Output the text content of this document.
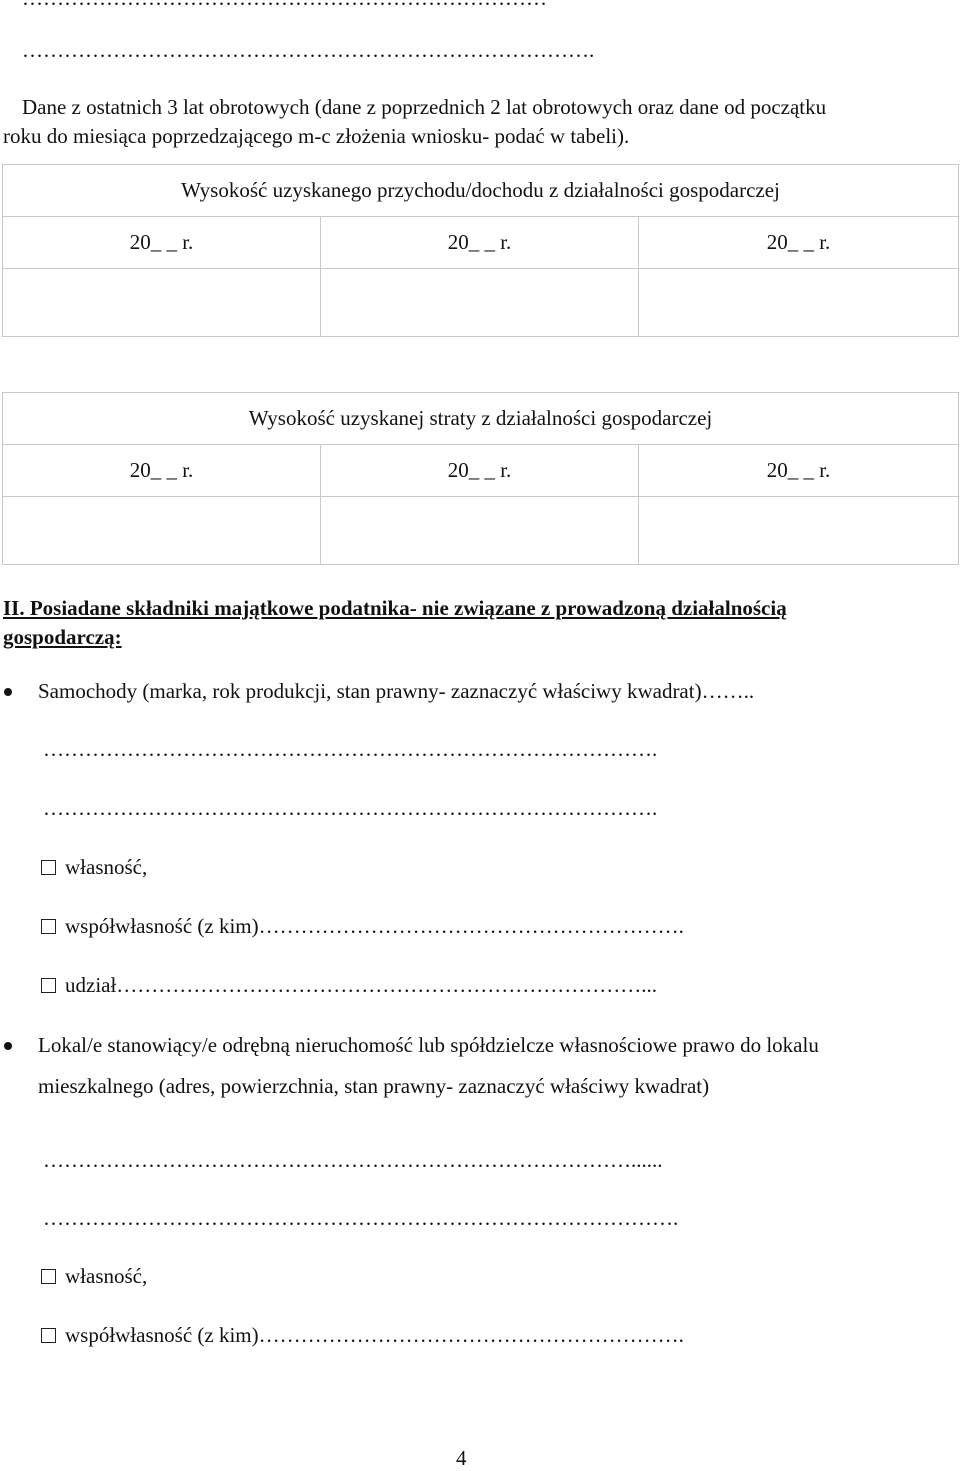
……………………………………………………………………….
Dane z ostatnich 3 lat obrotowych (dane z poprzednich 2 lat obrotowych oraz dane od początku
roku do miesiąca poprzedzającego m-c złożenia wniosku- podać w tabeli).
Wysokość uzyskanego przychodu/dochodu z działalności gospodarczej		
20_ _ r.	20_ _ r.	20_ _ r.

Wysokość uzyskanej straty z działalności gospodarczej		
20_ _ r.	20_ _ r.	20_ _ r.

II. Posiadane składniki majątkowe podatnika- nie związane z prowadzoną działalnością
gospodarczą:
Samochody (marka, rok produkcji, stan prawny- zaznaczyć właściwy kwadrat)……..
…………………………………………………………………………….
…………………………………………………………………………….
własność,
współwłasność (z kim)…………………………………………………….
udział…………………………………………………………………...
Lokal/e stanowiący/e odrębną nieruchomość lub spółdzielcze własnościowe prawo do lokalu
mieszkalnego (adres, powierzchnia, stan prawny- zaznaczyć właściwy kwadrat)
…………………………………………………………………………......
……………………………………………………………………………….
własność,
współwłasność (z kim)…………………………………………………….
4
